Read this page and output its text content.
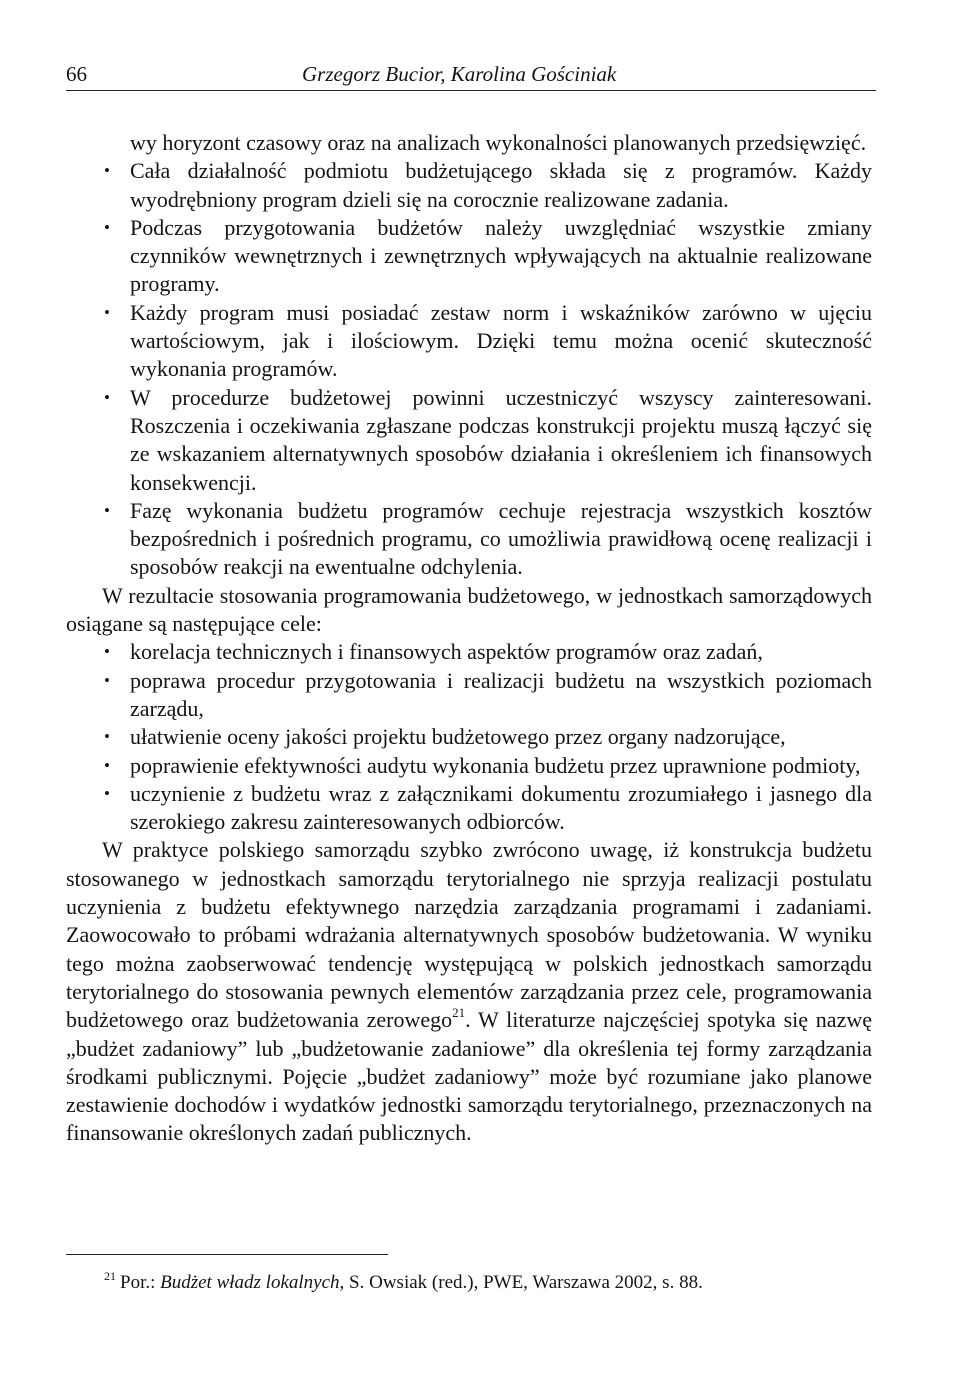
66	Grzegorz Bucior, Karolina Gościniak
wy horyzont czasowy oraz na analizach wykonalności planowanych przedsięwzięć.
• Cała działalność podmiotu budżetującego składa się z programów. Każdy wyodrębniony program dzieli się na corocznie realizowane zadania.
• Podczas przygotowania budżetów należy uwzględniać wszystkie zmiany czynników wewnętrznych i zewnętrznych wpływających na aktualnie realizowane programy.
• Każdy program musi posiadać zestaw norm i wskaźników zarówno w ujęciu wartościowym, jak i ilościowym. Dzięki temu można ocenić skuteczność wykonania programów.
• W procedurze budżetowej powinni uczestniczyć wszyscy zainteresowani. Roszczenia i oczekiwania zgłaszane podczas konstrukcji projektu muszą łączyć się ze wskazaniem alternatywnych sposobów działania i określeniem ich finansowych konsekwencji.
• Fazę wykonania budżetu programów cechuje rejestracja wszystkich kosztów bezpośrednich i pośrednich programu, co umożliwia prawidłową ocenę realizacji i sposobów reakcji na ewentualne odchylenia.

W rezultacie stosowania programowania budżetowego, w jednostkach samorządowych osiągane są następujące cele:

• korelacja technicznych i finansowych aspektów programów oraz zadań,
• poprawa procedur przygotowania i realizacji budżetu na wszystkich poziomach zarządu,
• ułatwienie oceny jakości projektu budżetowego przez organy nadzorujące,
• poprawienie efektywności audytu wykonania budżetu przez uprawnione podmioty,
• uczynienie z budżetu wraz z załącznikami dokumentu zrozumiałego i jasnego dla szerokiego zakresu zainteresowanych odbiorców.

W praktyce polskiego samorządu szybko zwrócono uwagę, iż konstrukcja budżetu stosowanego w jednostkach samorządu terytorialnego nie sprzyja realizacji postulatu uczynienia z budżetu efektywnego narzędzia zarządzania programami i zadaniami. Zaowocowało to próbami wdrażania alternatywnych sposobów budżetowania. W wyniku tego można zaobserwować tendencję występującą w polskich jednostkach samorządu terytorialnego do stosowania pewnych elementów zarządzania przez cele, programowania budżetowego oraz budżetowania zerowego$^{21}$. W literaturze najczęściej spotyka się nazwę „budżet zadaniowy” lub „budżetowanie zadaniowe” dla określenia tej formy zarządzania środkami publicznymi. Pojęcie „budżet zadaniowy” może być rozumiane jako planowe zestawienie dochodów i wydatków jednostki samorządu terytorialnego, przeznaczonych na finansowanie określonych zadań publicznych.

$^{21}$ Por.: Budżet władz lokalnych, S. Owsiak (red.), PWE, Warszawa 2002, s. 88.
